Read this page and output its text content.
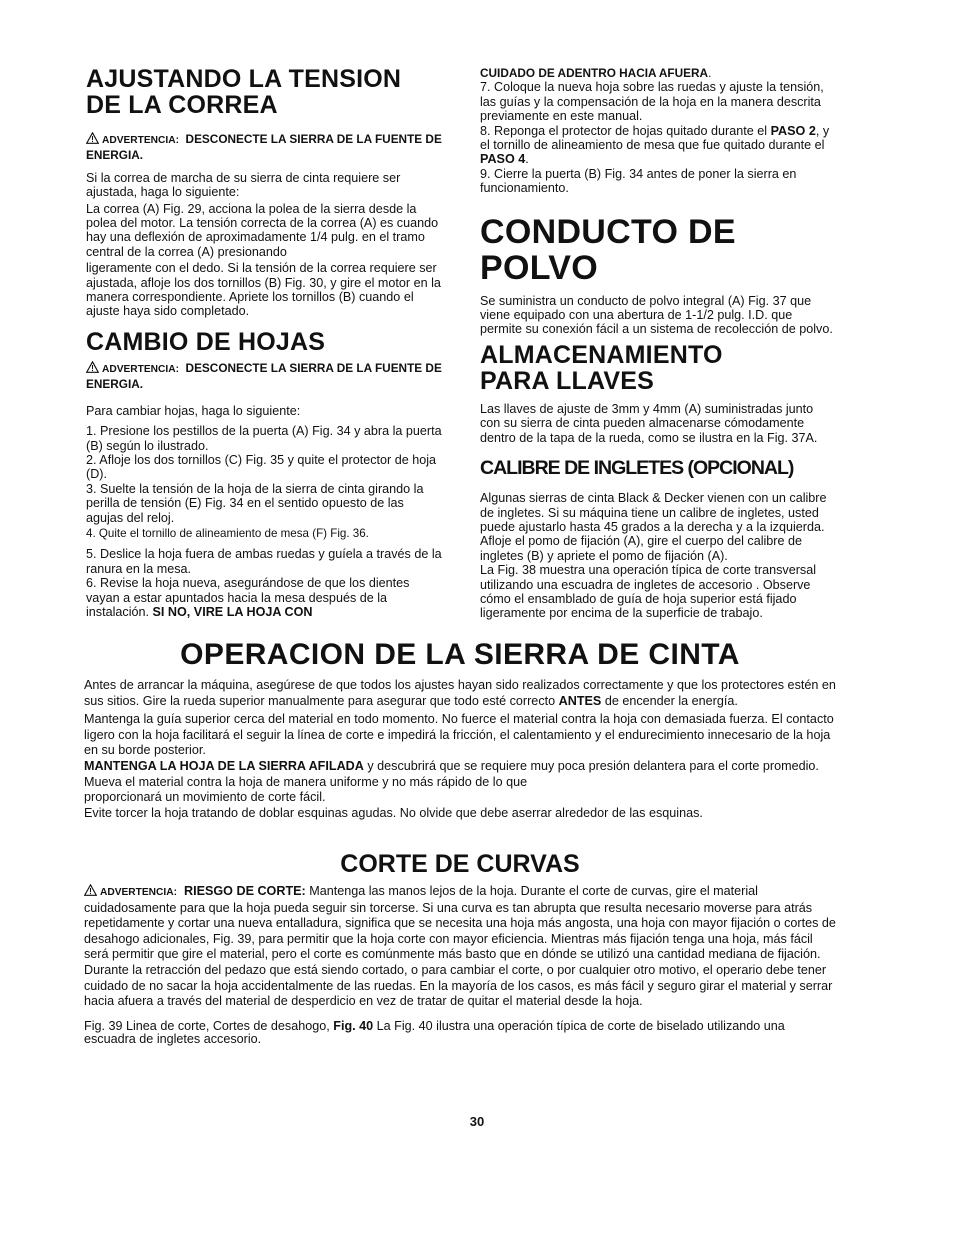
AJUSTANDO LA TENSION DE LA CORREA

ADVERTENCIA: DESCONECTE LA SIERRA DE LA FUENTE DE ENERGIA.

Si la correa de marcha de su sierra de cinta requiere ser ajustada, haga lo siguiente:

La correa (A) Fig. 29, acciona la polea de la sierra desde la polea del motor. La tensión correcta de la correa (A) es cuando hay una deflexión de aproximadamente 1/4 pulg. en el tramo central de la correa (A) presionando

ligeramente con el dedo. Si la tensión de la correa requiere ser ajustada, afloje los dos tornillos (B) Fig. 30, y gire el motor en la manera correspondiente. Apriete los tornillos (B) cuando el ajuste haya sido completado.

CAMBIO DE HOJAS

ADVERTENCIA: DESCONECTE LA SIERRA DE LA FUENTE DE ENERGIA.

Para cambiar hojas, haga lo siguiente:

1. Presione los pestillos de la puerta (A) Fig. 34 y abra la puerta (B) según lo ilustrado.

2. Afloje los dos tornillos (C) Fig. 35 y quite el protector de hoja (D).

3. Suelte la tensión de la hoja de la sierra de cinta girando la perilla de tensión (E) Fig. 34 en el sentido opuesto de las agujas del reloj.

4. Quite el tornillo de alineamiento de mesa (F) Fig. 36.

5. Deslice la hoja fuera de ambas ruedas y guíela a través de la ranura en la mesa.

6. Revise la hoja nueva, asegurándose de que los dientes vayan a estar apuntados hacia la mesa después de la instalación. SI NO, VIRE LA HOJA CON

CUIDADO DE ADENTRO HACIA AFUERA.

7. Coloque la nueva hoja sobre las ruedas y ajuste la tensión, las guías y la compensación de la hoja en la manera descrita previamente en este manual.

8. Reponga el protector de hojas quitado durante el PASO 2, y el tornillo de alineamiento de mesa que fue quitado durante el PASO 4.

9. Cierre la puerta (B) Fig. 34 antes de poner la sierra en funcionamiento.

CONDUCTO DE POLVO

Se suministra un conducto de polvo integral (A) Fig. 37 que viene equipado con una abertura de 1-1/2 pulg. I.D. que permite su conexión fácil a un sistema de recolección de polvo.

ALMACENAMIENTO PARA LLAVES

Las llaves de ajuste de 3mm y 4mm (A) suministradas junto con su sierra de cinta pueden almacenarse cómodamente dentro de la tapa de la rueda, como se ilustra en la Fig. 37A.

CALIBRE DE INGLETES (OPCIONAL)

Algunas sierras de cinta Black & Decker vienen con un calibre de ingletes. Si su máquina tiene un calibre de ingletes, usted puede ajustarlo hasta 45 grados a la derecha y a la izquierda. Afloje el pomo de fijación (A), gire el cuerpo del calibre de ingletes (B) y apriete el pomo de fijación (A).

La Fig. 38 muestra una operación típica de corte transversal utilizando una escuadra de ingletes de accesorio . Observe cómo el ensamblado de guía de hoja superior está fijado ligeramente por encima de la superficie de trabajo.

OPERACION DE LA SIERRA DE CINTA

Antes de arrancar la máquina, asegúrese de que todos los ajustes hayan sido realizados correctamente y que los protectores estén en sus sitios. Gire la rueda superior manualmente para asegurar que todo esté correcto ANTES de encender la energía.

Mantenga la guía superior cerca del material en todo momento. No fuerce el material contra la hoja con demasiada fuerza. El contacto ligero con la hoja facilitará el seguir la línea de corte e impedirá la fricción, el calentamiento y el endurecimiento innecesario de la hoja en su borde posterior.

MANTENGA LA HOJA DE LA SIERRA AFILADA y descubrirá que se requiere muy poca presión delantera para el corte promedio. Mueva el material contra la hoja de manera uniforme y no más rápido de lo que
proporcionará un movimiento de corte fácil.

Evite torcer la hoja tratando de doblar esquinas agudas. No olvide que debe aserrar alrededor de las esquinas.

CORTE DE CURVAS

ADVERTENCIA: RIESGO DE CORTE: Mantenga las manos lejos de la hoja. Durante el corte de curvas, gire el material cuidadosamente para que la hoja pueda seguir sin torcerse. Si una curva es tan abrupta que resulta necesario moverse para atrás repetidamente y cortar una nueva entalladura, significa que se necesita una hoja más angosta, una hoja con mayor fijación o cortes de desahogo adicionales, Fig. 39, para permitir que la hoja corte con mayor eficiencia. Mientras más fijación tenga una hoja, más fácil será permitir que gire el material, pero el corte es comúnmente más basto que en dónde se utilizó una cantidad mediana de fijación. Durante la retracción del pedazo que está siendo cortado, o para cambiar el corte, o por cualquier otro motivo, el operario debe tener cuidado de no sacar la hoja accidentalmente de las ruedas. En la mayoría de los casos, es más fácil y seguro girar el material y serrar hacia afuera a través del material de desperdicio en vez de tratar de quitar el material desde la hoja.

Fig. 39 Linea de corte, Cortes de desahogo, Fig. 40 La Fig. 40 ilustra una operación típica de corte de biselado utilizando una escuadra de ingletes accesorio.

30
